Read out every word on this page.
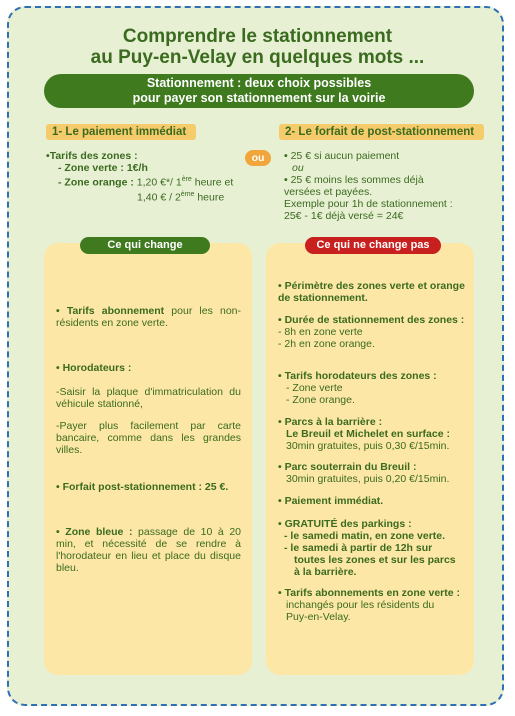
Comprendre le stationnement
au Puy-en-Velay en quelques mots ...
Stationnement : deux choix possibles
pour payer son stationnement sur la voirie
1- Le paiement immédiat
•Tarifs des zones :
- Zone verte : 1€/h
- Zone orange : 1,20 €*/ 1ère heure et
1,40 € / 2ème heure
ou
2- Le forfait de post-stationnement
• 25 € si aucun paiement
ou
• 25 € moins les sommes déjà
versées et payées.
Exemple pour 1h de stationnement :
25€ - 1€ déjà versé = 24€
Ce qui change
• Tarifs abonnement pour les non-résidents en zone verte.
• Horodateurs :
-Saisir la plaque d'immatriculation du véhicule stationné,
-Payer plus facilement par carte bancaire, comme dans les grandes villes.
• Forfait post-stationnement : 25 €.
• Zone bleue : passage de 10 à 20 min, et nécessité de se rendre à l'horodateur en lieu et place du disque bleu.
Ce qui ne change pas
• Périmètre des zones verte et orange de stationnement.
• Durée de stationnement des zones :
- 8h en zone verte
- 2h en zone orange.
• Tarifs horodateurs des zones :
- Zone verte
- Zone orange.
• Parcs à la barrière :
Le Breuil et Michelet en surface :
30min gratuites, puis 0,30 €/15min.
• Parc souterrain du Breuil :
30min gratuites, puis 0,20 €/15min.
• Paiement immédiat.
• GRATUITÉ des parkings :
- le samedi matin, en zone verte.
- le samedi à partir de 12h sur
toutes les zones et sur les parcs
à la barrière.
• Tarifs abonnements en zone verte :
inchangés pour les résidents du
Puy-en-Velay.
